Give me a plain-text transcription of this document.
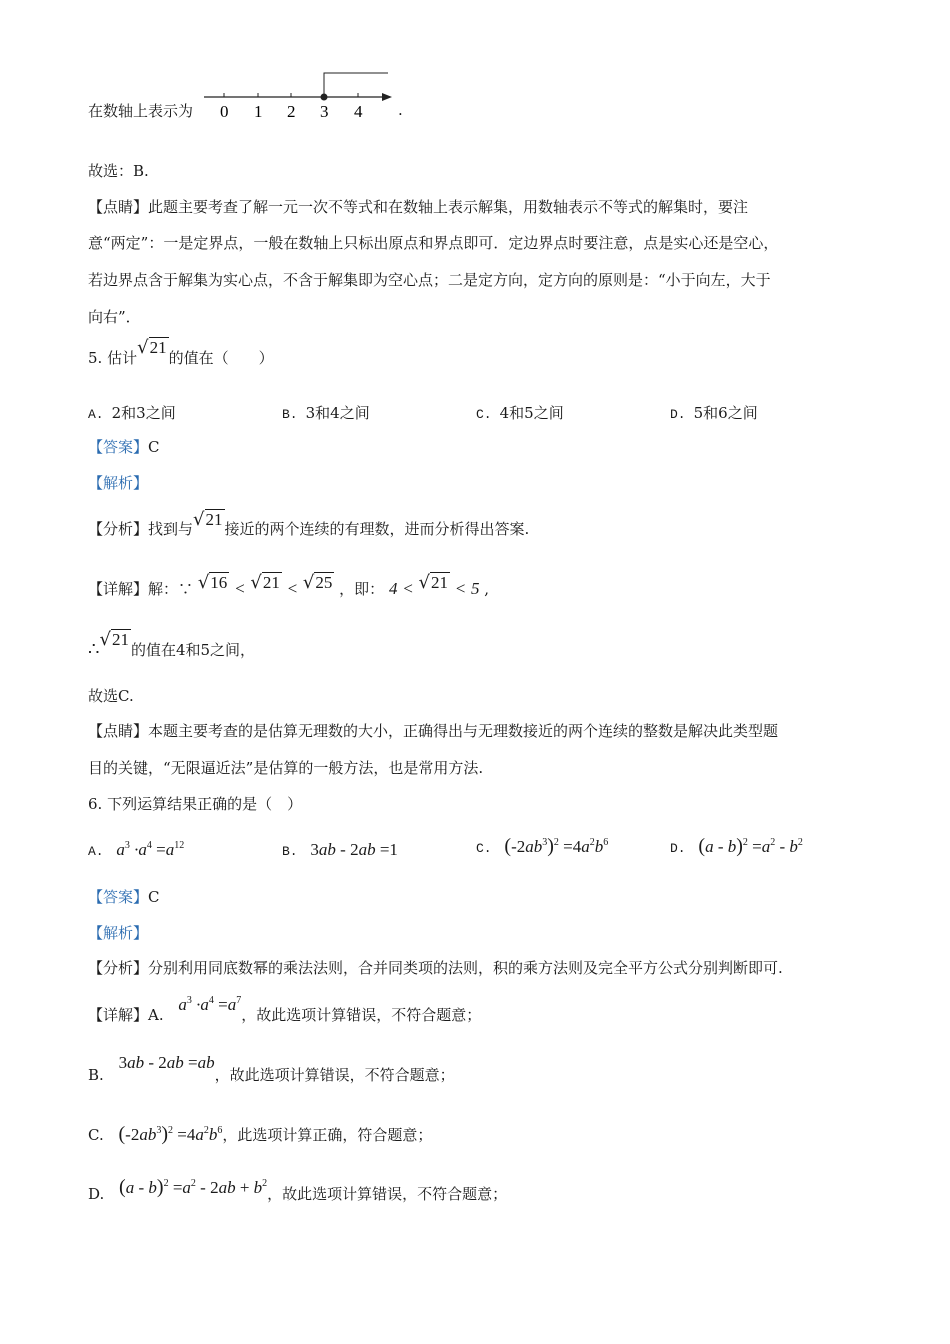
在数轴上表示为 0 1 2 3 4 .
故选：B.
【点睛】此题主要考查了解一元一次不等式和在数轴上表示解集，用数轴表示不等式的解集时，要注
意“两定”：一是定界点，一般在数轴上只标出原点和界点即可．定边界点时要注意，点是实心还是空心，
若边界点含于解集为实心点，不含于解集即为空心点；二是定方向，定方向的原则是：“小于向左，大于
向右”．
5. 估计√21的值在（　　）
A. 2和3之间	B. 3和4之间	C. 4和5之间	D. 5和6之间
【答案】C
【解析】
【分析】找到与√21 接近的两个连续的有理数，进而分析得出答案.
【详解】解：∵ √16 < √21 < √25 ，即： 4 < √21 < 5 ,
∴√21的值在4和5之间，
故选C.
【点睛】本题主要考查的是估算无理数的大小，正确得出与无理数接近的两个连续的整数是解决此类型题
目的关键，“无限逼近法”是估算的一般方法，也是常用方法.
6. 下列运算结果正确的是（　）
A. $a^3 \cdot a^4 =a^{12}$	B. 3ab - 2ab =1	C. $(-2ab^3)^2 =4a^2b^6$	D. $(a - b)^2 =a^2 - b^2$
【答案】C
【解析】
【分析】分别利用同底数幂的乘法法则，合并同类项的法则，积的乘方法则及完全平方公式分别判断即可.
【详解】A. $a^3 \cdot a^4 =a^7$，故此选项计算错误，不符合题意；
B. 3ab - 2ab =ab，故此选项计算错误，不符合题意；
C. $(-2ab^3)^2 =4a^2b^6$，此选项计算正确，符合题意；
D. $(a - b)^2 =a^2 - 2ab + b^2$，故此选项计算错误，不符合题意；
